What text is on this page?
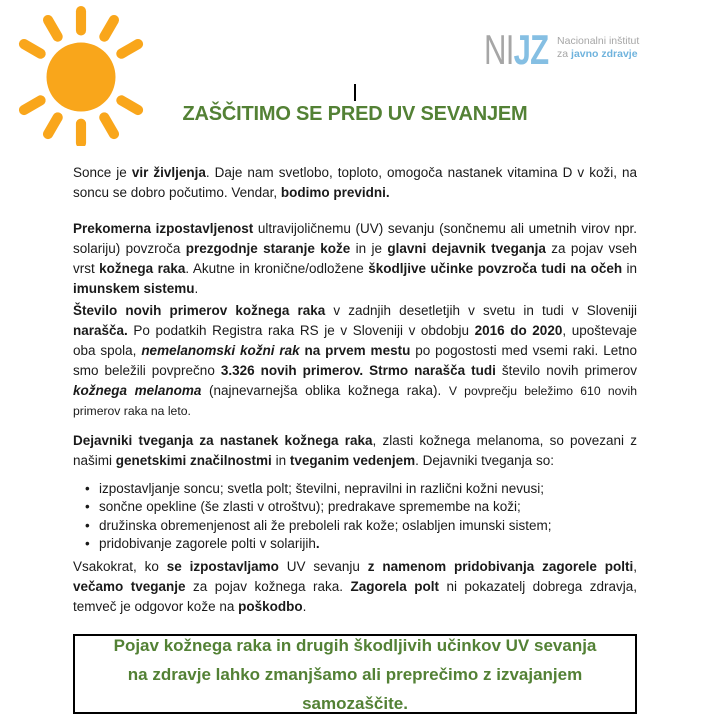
NIJZ Nacionalni inštitut
za javno zdravje
ZAŠČITIMO SE PRED UV SEVANJEM
Sonce je vir življenja. Daje nam svetlobo, toploto, omogoča nastanek vitamina D v koži, na soncu se dobro počutimo. Vendar, bodimo previdni.
Prekomerna izpostavljenost ultravijoličnemu (UV) sevanju (sončnemu ali umetnih virov npr. solariju) povzroča prezgodnje staranje kože in je glavni dejavnik tveganja za pojav vseh vrst kožnega raka. Akutne in kronične/odložene škodljive učinke povzroča tudi na očeh in imunskem sistemu.
Število novih primerov kožnega raka v zadnjih desetletjih v svetu in tudi v Sloveniji narašča. Po podatkih Registra raka RS je v Sloveniji v obdobju 2016 do 2020, upoštevaje oba spola, nemelanomski kožni rak na prvem mestu po pogostosti med vsemi raki. Letno smo beležili povprečno 3.326 novih primerov. Strmo narašča tudi število novih primerov kožnega melanoma (najnevarnejša oblika kožnega raka). V povprečju beležimo 610 novih primerov raka na leto.
Dejavniki tveganja za nastanek kožnega raka, zlasti kožnega melanoma, so povezani z našimi genetskimi značilnostmi in tveganim vedenjem. Dejavniki tveganja so:
• izpostavljanje soncu; svetla polt; številni, nepravilni in različni kožni nevusi;
• sončne opekline (še zlasti v otroštvu); predrakave spremembe na koži;
• družinska obremenjenost ali že preboleli rak kože; oslabljen imunski sistem;
• pridobivanje zagorele polti v solarijih.
Vsakokrat, ko se izpostavljamo UV sevanju z namenom pridobivanja zagorele polti, večamo tveganje za pojav kožnega raka. Zagorela polt ni pokazatelj dobrega zdravja, temveč je odgovor kože na poškodbo.
Pojav kožnega raka in drugih škodljivih učinkov UV sevanja na zdravje lahko zmanjšamo ali preprečimo z izvajanjem samozaščite.
